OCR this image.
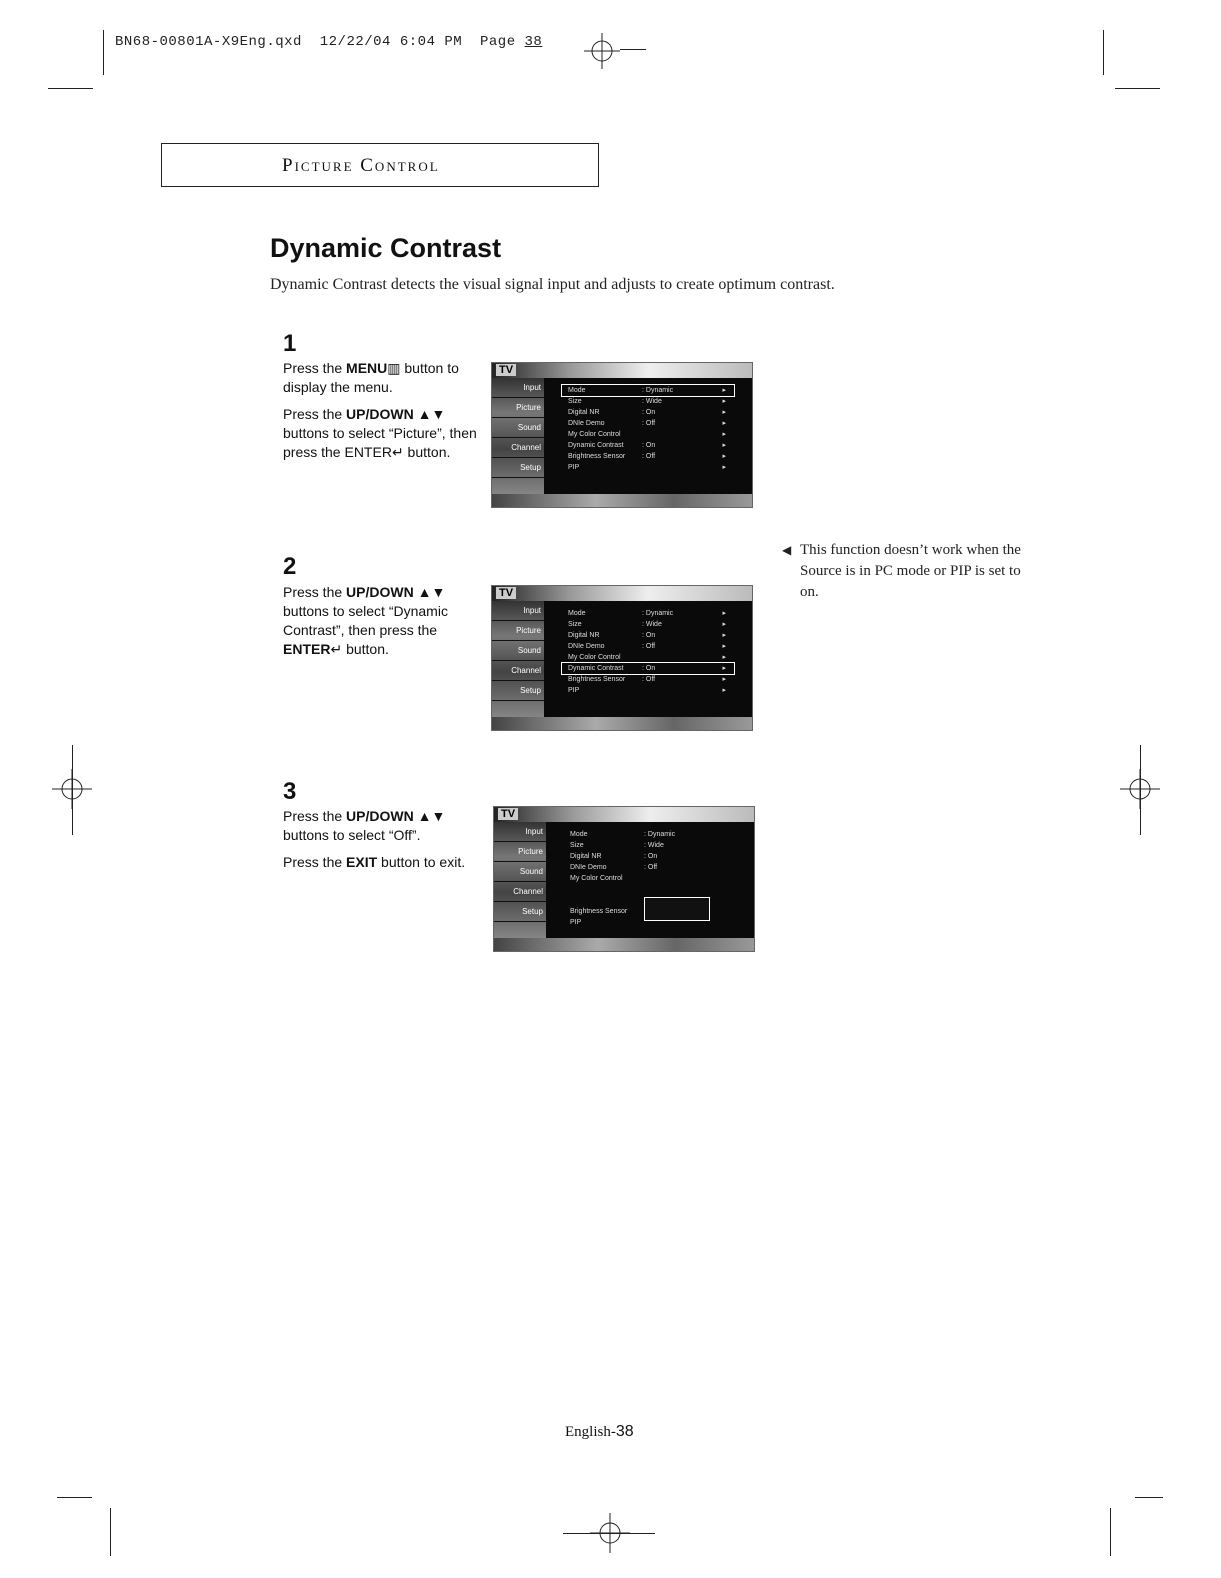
BN68-00801A-X9Eng.qxd 12/22/04 6:04 PM Page 38
Picture Control
Dynamic Contrast
Dynamic Contrast detects the visual signal input and adjusts to create optimum contrast.
1

Press the MENU▥ button to display the menu.

Press the UP/DOWN ▲▼ buttons to select “Picture”, then press the ENTER↵ button.

2

Press the UP/DOWN ▲▼ buttons to select “Dynamic Contrast”, then press the ENTER↵ button.

3

Press the UP/DOWN ▲▼ buttons to select “Off”.

Press the EXIT button to exit.

TV
Input
Picture
Sound
Channel
Setup
Mode	: Dynamic	▸
Size	: Wide	▸
Digital NR	: On	▸
DNIe Demo	: Off	▸
My Color Control	▸
Dynamic Contrast	: On	▸
Brightness Sensor : Off	▸
PIP	▸
TV
Input
Picture
Sound
Channel
Setup
Mode	: Dynamic	▸
Size	: Wide	▸
Digital NR	: On	▸
DNIe Demo	: Off	▸
My Color Control	▸
Dynamic Contrast	: On	▸
Brightness Sensor : Off	▸
PIP	▸
TV
Input
Picture
Sound
Channel
Setup
Mode	: Dynamic
Size	: Wide
Digital NR	: On
DNIe Demo	: Off
My Color Control
Brightness Sensor
PIP
◀ This function doesn’t work when the Source is in PC mode or PIP is set to on.
English-38
